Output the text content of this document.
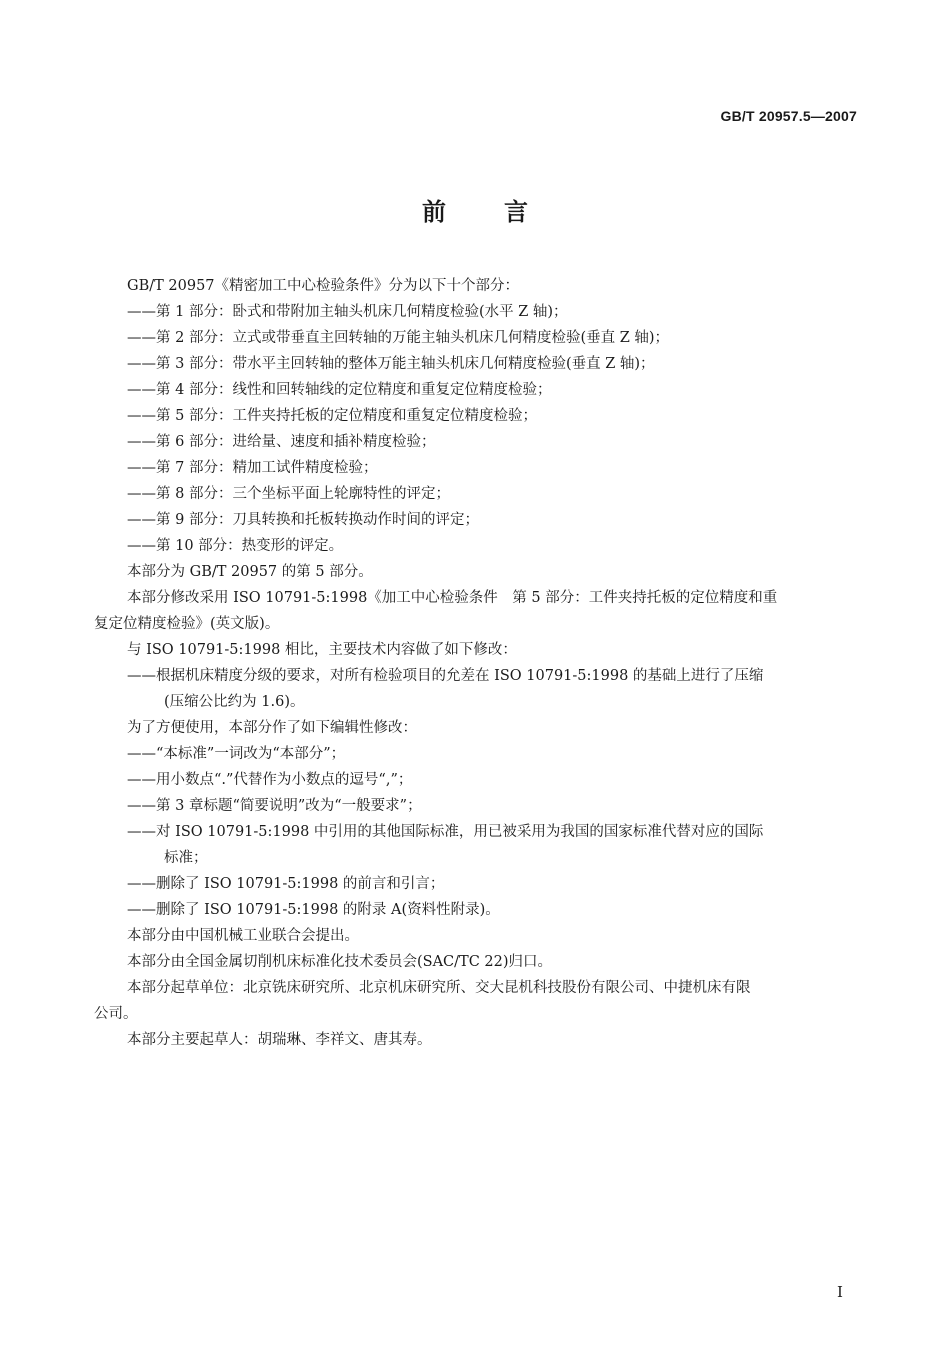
GB/T 20957.5—2007
前言
GB/T 20957《精密加工中心检验条件》分为以下十个部分：
——第 1 部分：卧式和带附加主轴头机床几何精度检验(水平 Z 轴)；
——第 2 部分：立式或带垂直主回转轴的万能主轴头机床几何精度检验(垂直 Z 轴)；
——第 3 部分：带水平主回转轴的整体万能主轴头机床几何精度检验(垂直 Z 轴)；
——第 4 部分：线性和回转轴线的定位精度和重复定位精度检验；
——第 5 部分：工件夹持托板的定位精度和重复定位精度检验；
——第 6 部分：进给量、速度和插补精度检验；
——第 7 部分：精加工试件精度检验；
——第 8 部分：三个坐标平面上轮廓特性的评定；
——第 9 部分：刀具转换和托板转换动作时间的评定；
——第 10 部分：热变形的评定。
本部分为 GB/T 20957 的第 5 部分。
本部分修改采用 ISO 10791-5:1998《加工中心检验条件　第 5 部分：工件夹持托板的定位精度和重
复定位精度检验》(英文版)。
与 ISO 10791-5:1998 相比，主要技术内容做了如下修改：
——根据机床精度分级的要求，对所有检验项目的允差在 ISO 10791-5:1998 的基础上进行了压缩
(压缩公比约为 1.6)。
为了方便使用，本部分作了如下编辑性修改：
——“本标准”一词改为“本部分”；
——用小数点“.”代替作为小数点的逗号“,”；
——第 3 章标题“简要说明”改为“一般要求”；
——对 ISO 10791-5:1998 中引用的其他国际标准，用已被采用为我国的国家标准代替对应的国际
标准；
——删除了 ISO 10791-5:1998 的前言和引言；
——删除了 ISO 10791-5:1998 的附录 A(资料性附录)。
本部分由中国机械工业联合会提出。
本部分由全国金属切削机床标准化技术委员会(SAC/TC 22)归口。
本部分起草单位：北京铣床研究所、北京机床研究所、交大昆机科技股份有限公司、中捷机床有限
公司。
本部分主要起草人：胡瑞琳、李祥文、唐其寿。
I
